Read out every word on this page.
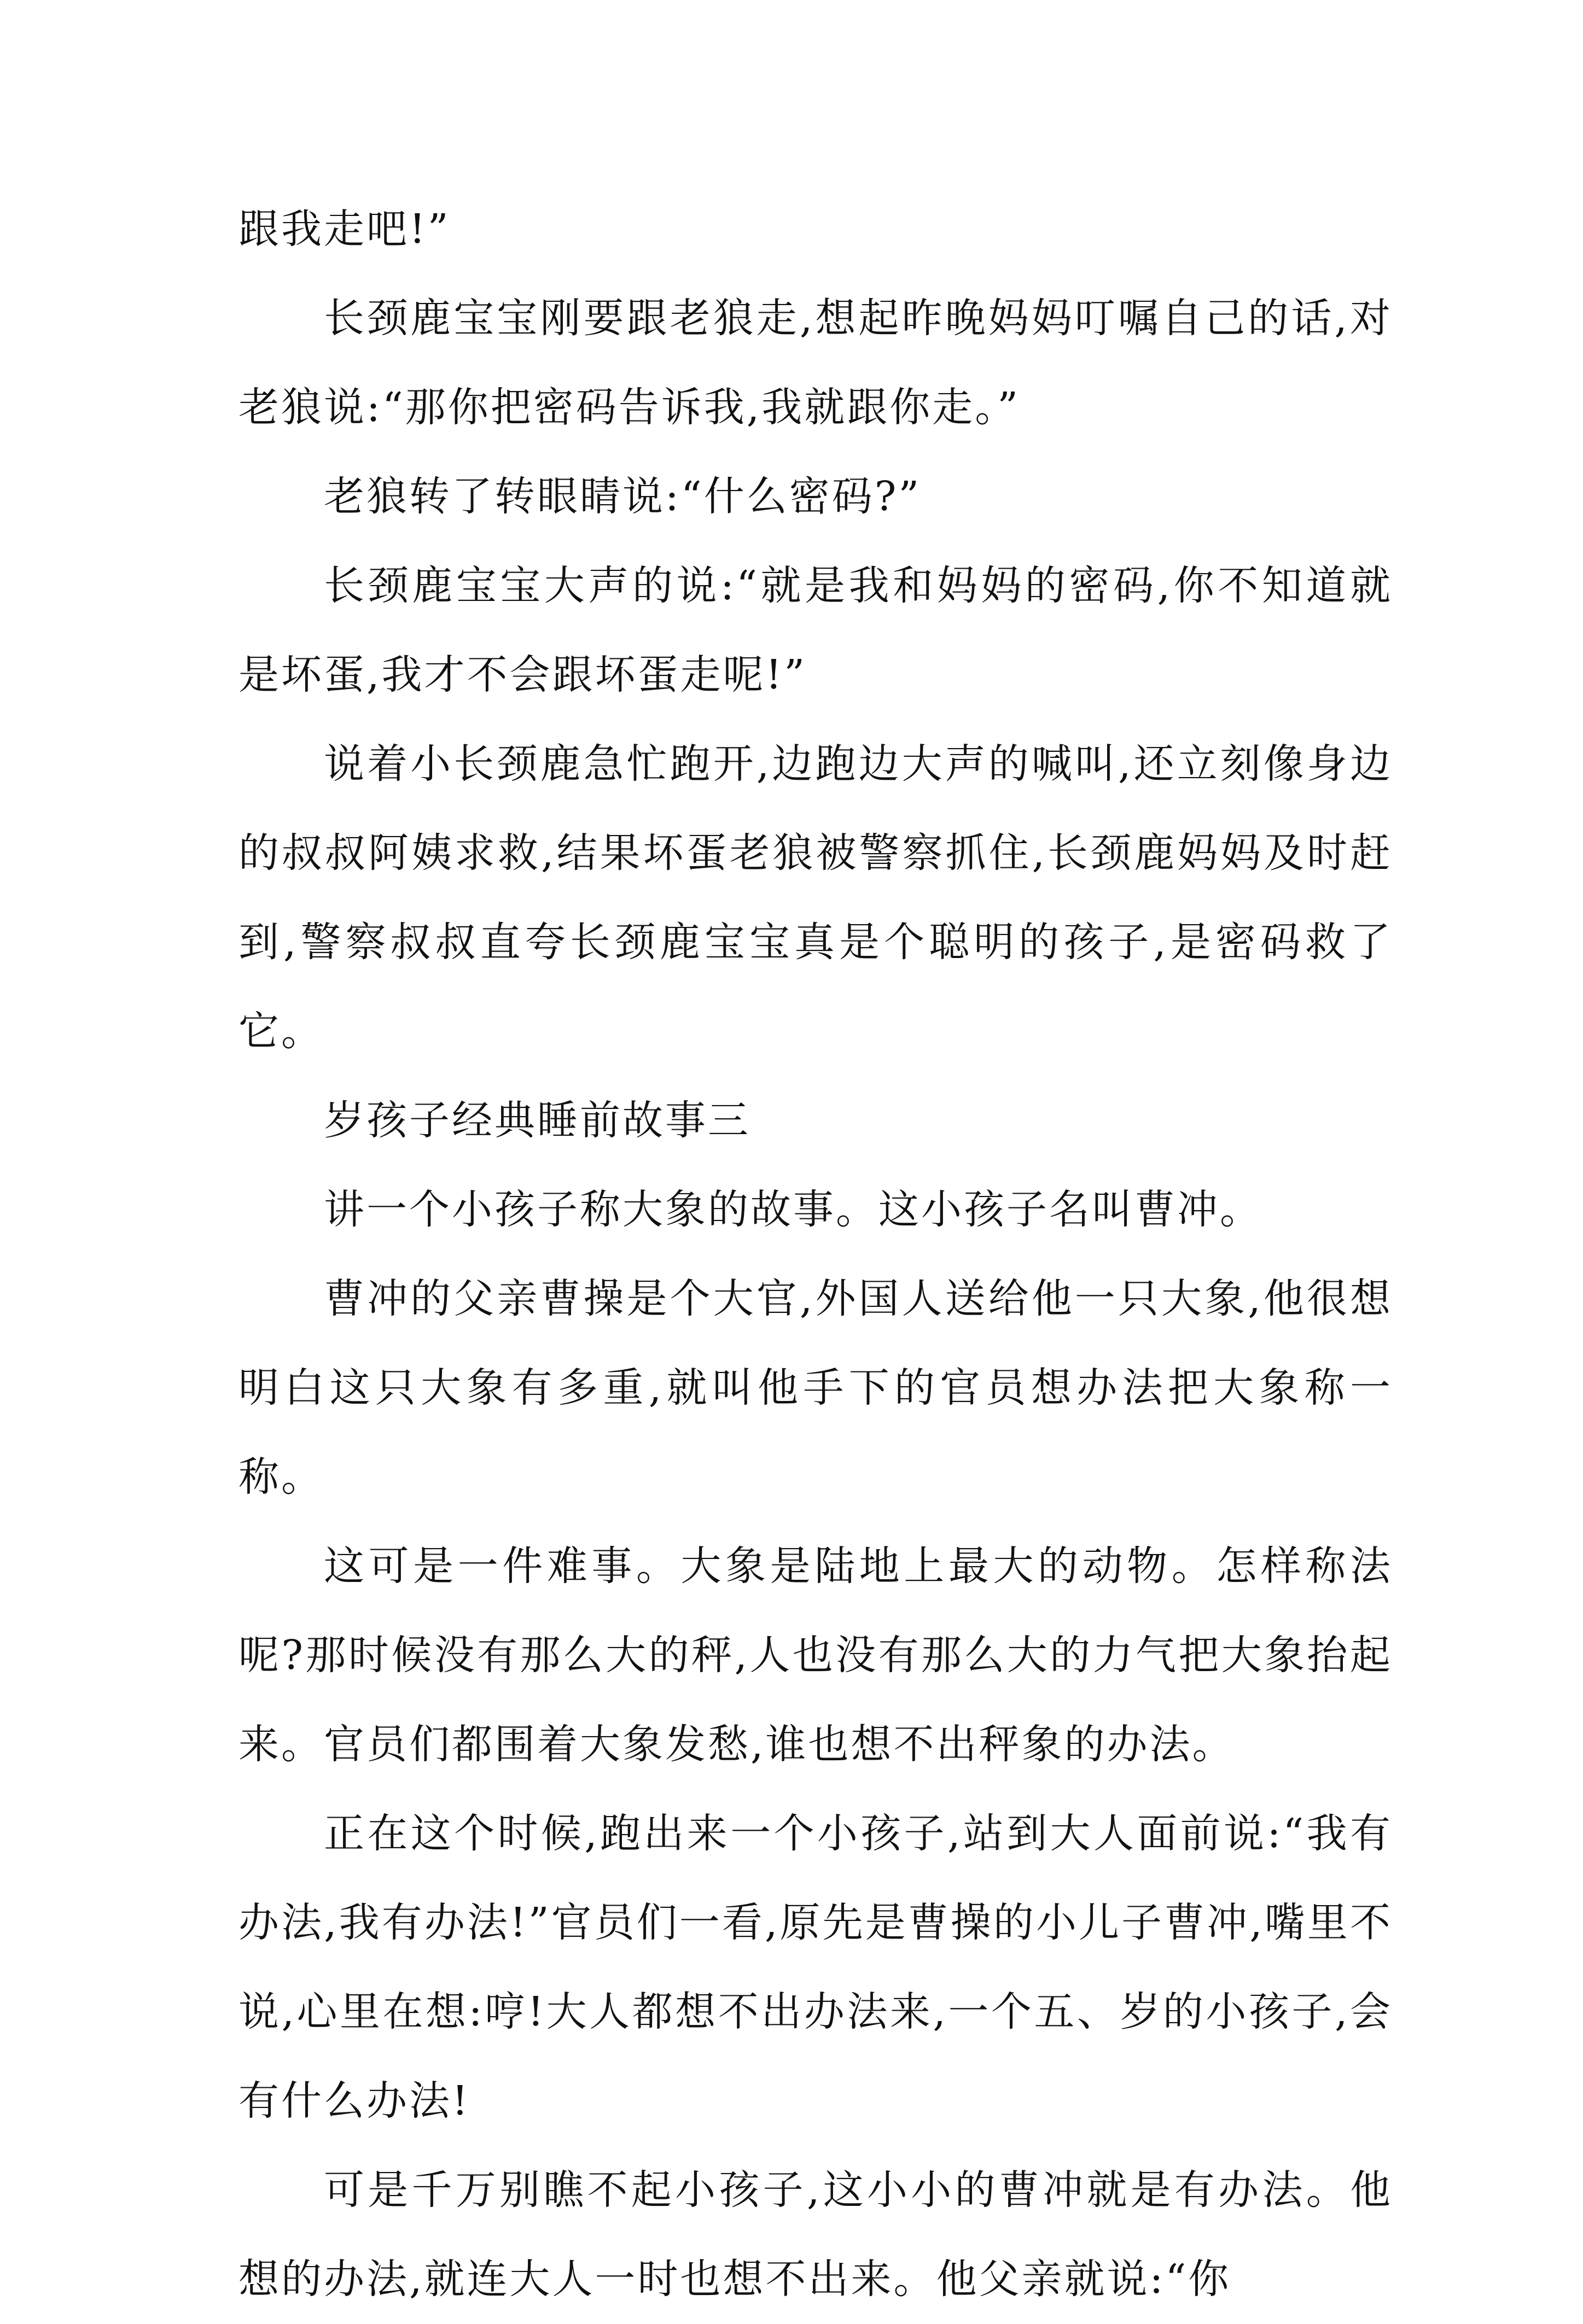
跟我走吧!”

长颈鹿宝宝刚要跟老狼走,想起昨晚妈妈叮嘱自己的话,对老狼说:“那你把密码告诉我,我就跟你走。”

老狼转了转眼睛说:“什么密码?”

长颈鹿宝宝大声的说:“就是我和妈妈的密码,你不知道就是坏蛋,我才不会跟坏蛋走呢!”

说着小长颈鹿急忙跑开,边跑边大声的喊叫,还立刻像身边的叔叔阿姨求救,结果坏蛋老狼被警察抓住,长颈鹿妈妈及时赶到,警察叔叔直夸长颈鹿宝宝真是个聪明的孩子,是密码救了它。

岁孩子经典睡前故事三

讲一个小孩子称大象的故事。这小孩子名叫曹冲。

曹冲的父亲曹操是个大官,外国人送给他一只大象,他很想明白这只大象有多重,就叫他手下的官员想办法把大象称一称。

这可是一件难事。大象是陆地上最大的动物。怎样称法呢?那时候没有那么大的秤,人也没有那么大的力气把大象抬起来。官员们都围着大象发愁,谁也想不出秤象的办法。

正在这个时候,跑出来一个小孩子,站到大人面前说:“我有办法,我有办法!”官员们一看,原先是曹操的小儿子曹冲,嘴里不说,心里在想:哼!大人都想不出办法来,一个五、岁的小孩子,会有什么办法!

可是千万别瞧不起小孩子,这小小的曹冲就是有办法。他想的办法,就连大人一时也想不出来。他父亲就说:“你
